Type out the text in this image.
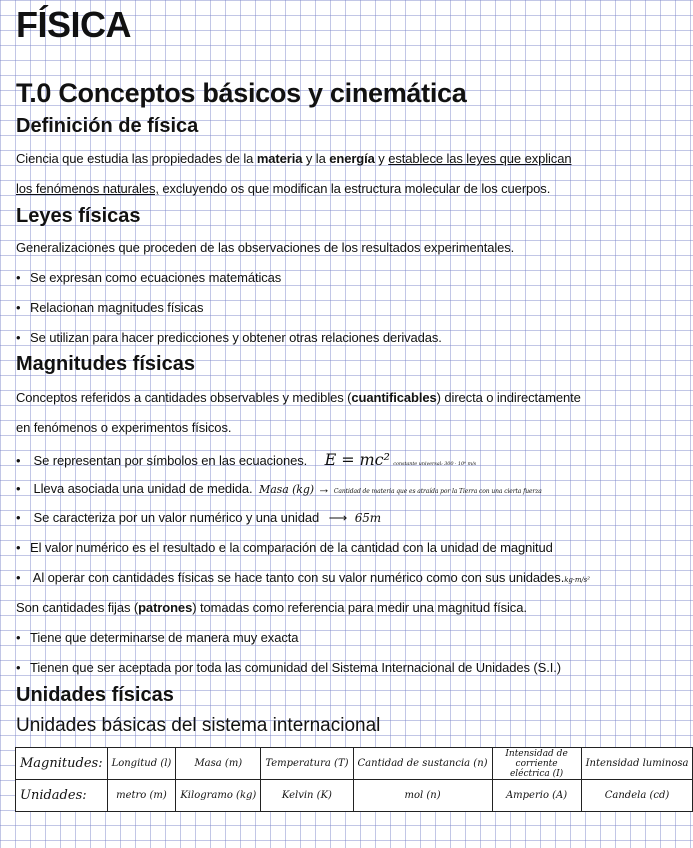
FÍSICA
T.0 Conceptos básicos y cinemática
Definición de física
Ciencia que estudia las propiedades de la materia y la energía y establece las leyes que explican
los fenómenos naturales, excluyendo os que modifican la estructura molecular de los cuerpos.
Leyes físicas
Generalizaciones que proceden de las observaciones de los resultados experimentales.
• Se expresan como ecuaciones matemáticas
• Relacionan magnitudes físicas
• Se utilizan para hacer predicciones y obtener otras relaciones derivadas.
Magnitudes físicas
Conceptos referidos a cantidades observables y medibles (cuantificables) directa o indirectamente
en fenómenos o experimentos físicos.
• Se representan por símbolos en las ecuaciones. E = mc² constante universal: 300 · 10⁶ m/s
• Lleva asociada una unidad de medida. Masa (kg) → Cantidad de materia que es atraída por la Tierra con una cierta fuerza
• Se caracteriza por un valor numérico y una unidad ⟶ 65m
• El valor numérico es el resultado e la comparación de la cantidad con la unidad de magnitud
• Al operar con cantidades físicas se hace tanto con su valor numérico como con sus unidades.kg·m/s²
Son cantidades fijas (patrones) tomadas como referencia para medir una magnitud física.
• Tiene que determinarse de manera muy exacta
• Tienen que ser aceptada por toda las comunidad del Sistema Internacional de Unidades (S.I.)
Unidades físicas
Unidades básicas del sistema internacional
Magnitudes:	Longitud (l)	Masa (m)	Temperatura (T)	Cantidad de sustancia (n)	Intensidad de corriente eléctrica (I)	Intensidad luminosa
Unidades:	metro (m)	Kilogramo (kg)	Kelvin (K)	mol (n)	Amperio (A)	Candela (cd)
